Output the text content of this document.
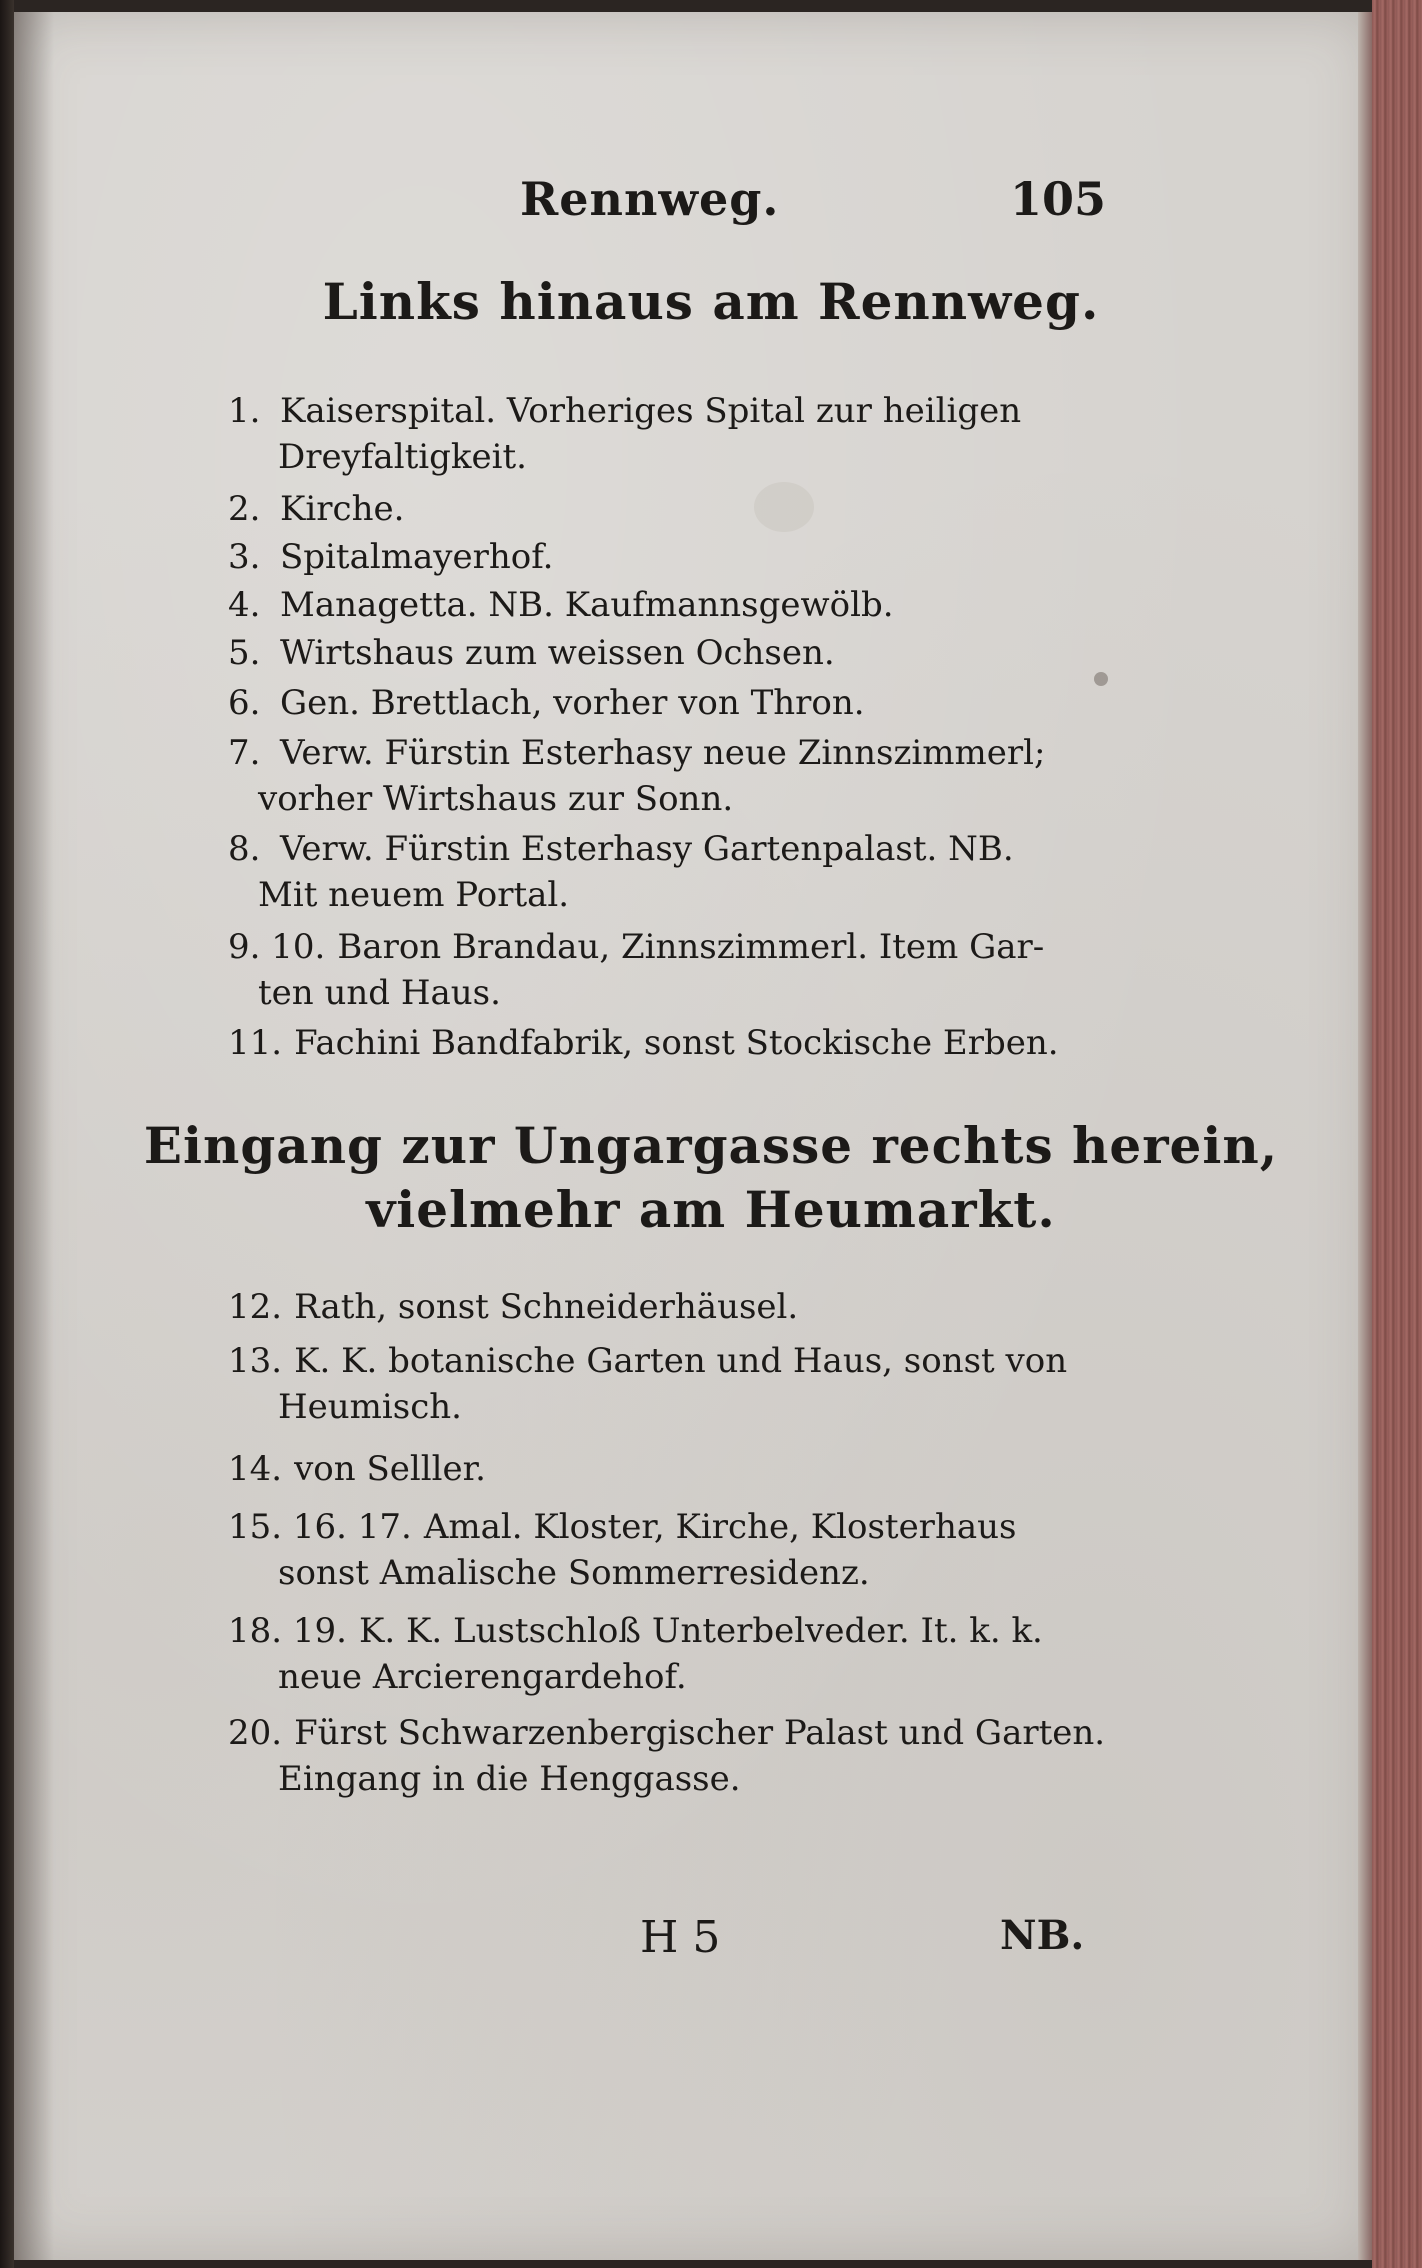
Rennweg.	105
Links hinaus am Rennweg.
1. Kaiserspital. Vorheriges Spital zur heiligen
Dreyfaltigkeit.
2. Kirche.
3. Spitalmayerhof.
4. Managetta. NB. Kaufmannsgewölb.
5. Wirtshaus zum weissen Ochsen.
6. Gen. Brettlach, vorher von Thron.
7. Verw. Fürstin Esterhasy neue Zinnszimmerl;
vorher Wirtshaus zur Sonn.
8. Verw. Fürstin Esterhasy Gartenpalast. NB.
Mit neuem Portal.
9. 10. Baron Brandau, Zinnszimmerl. Item Gar-
ten und Haus.
11. Fachini Bandfabrik, sonst Stockische Erben.
Eingang zur Ungargasse rechts herein,
vielmehr am Heumarkt.
12. Rath, sonst Schneiderhäusel.
13. K. K. botanische Garten und Haus, sonst von
Heumisch.
14. von Selller.
15. 16. 17. Amal. Kloster, Kirche, Klosterhaus
sonst Amalische Sommerresidenz.
18. 19. K. K. Lustschloß Unterbelveder. It. k. k.
neue Arcierengardehof.
20. Fürst Schwarzenbergischer Palast und Garten.
Eingang in die Henggasse.
H 5	NB.
